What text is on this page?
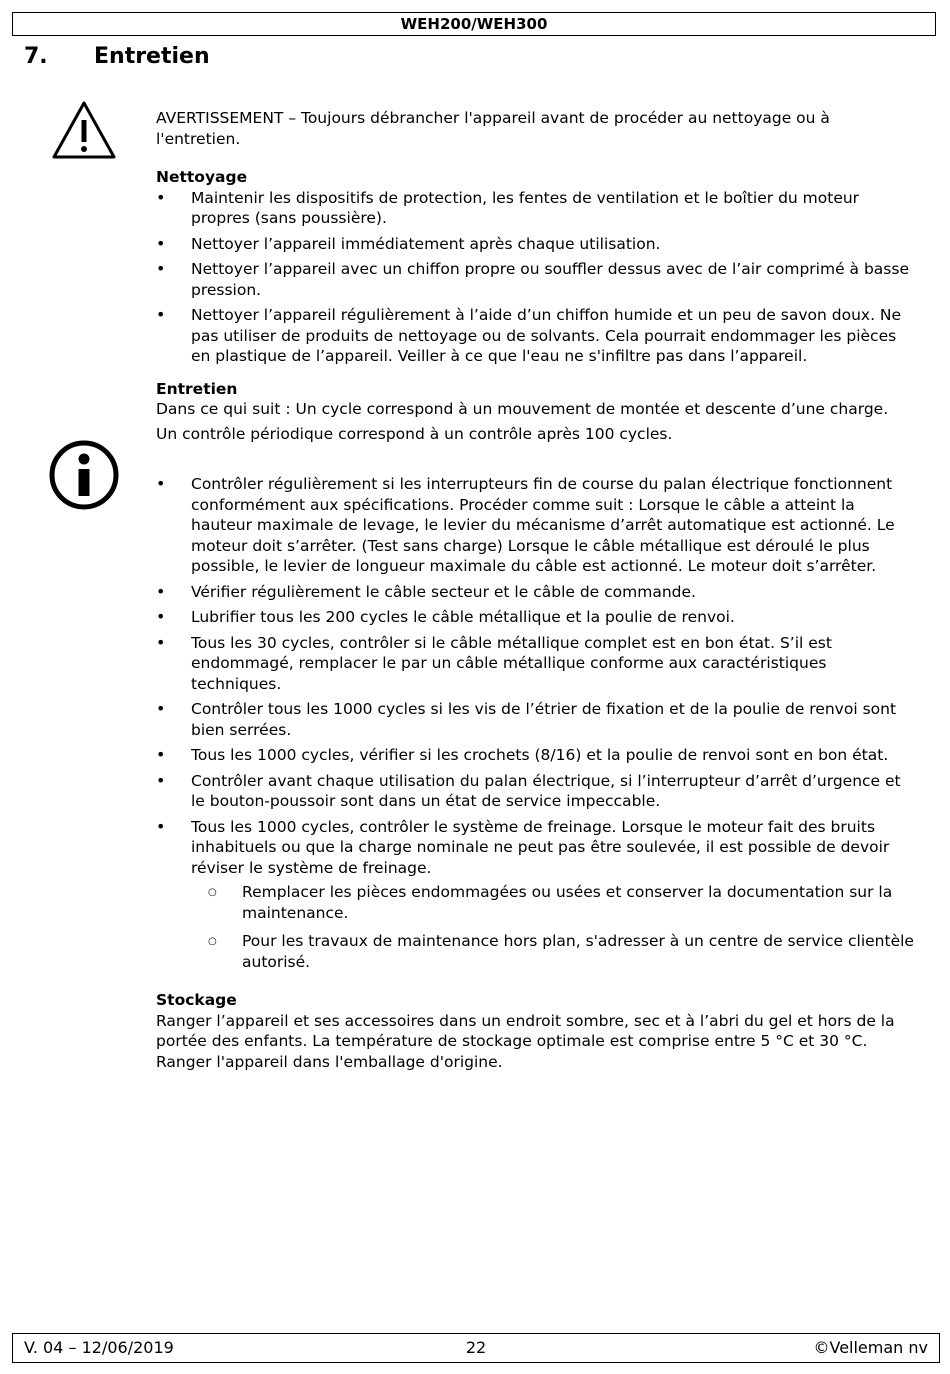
WEH200/WEH300
7. Entretien

AVERTISSEMENT – Toujours débrancher l'appareil avant de procéder au nettoyage ou à l'entretien.

Nettoyage

• Maintenir les dispositifs de protection, les fentes de ventilation et le boîtier du moteur propres (sans poussière).
• Nettoyer l’appareil immédiatement après chaque utilisation.
• Nettoyer l’appareil avec un chiffon propre ou souffler dessus avec de l’air comprimé à basse pression.
• Nettoyer l’appareil régulièrement à l’aide d’un chiffon humide et un peu de savon doux. Ne pas utiliser de produits de nettoyage ou de solvants. Cela pourrait endommager les pièces en plastique de l’appareil. Veiller à ce que l'eau ne s'infiltre pas dans l’appareil.

Entretien

Dans ce qui suit : Un cycle correspond à un mouvement de montée et descente d’une charge.

Un contrôle périodique correspond à un contrôle après 100 cycles.

• Contrôler régulièrement si les interrupteurs fin de course du palan électrique fonctionnent conformément aux spécifications. Procéder comme suit : Lorsque le câble a atteint la hauteur maximale de levage, le levier du mécanisme d’arrêt automatique est actionné. Le moteur doit s’arrêter. (Test sans charge) Lorsque le câble métallique est déroulé le plus possible, le levier de longueur maximale du câble est actionné. Le moteur doit s’arrêter.
• Vérifier régulièrement le câble secteur et le câble de commande.
• Lubrifier tous les 200 cycles le câble métallique et la poulie de renvoi.
• Tous les 30 cycles, contrôler si le câble métallique complet est en bon état. S’il est endommagé, remplacer le par un câble métallique conforme aux caractéristiques techniques.
• Contrôler tous les 1000 cycles si les vis de l’étrier de fixation et de la poulie de renvoi sont bien serrées.
• Tous les 1000 cycles, vérifier si les crochets (8/16) et la poulie de renvoi sont en bon état.
• Contrôler avant chaque utilisation du palan électrique, si l’interrupteur d’arrêt d’urgence et le bouton-poussoir sont dans un état de service impeccable.
• Tous les 1000 cycles, contrôler le système de freinage. Lorsque le moteur fait des bruits inhabituels ou que la charge nominale ne peut pas être soulevée, il est possible de devoir réviser le système de freinage.
○ Remplacer les pièces endommagées ou usées et conserver la documentation sur la maintenance.
○ Pour les travaux de maintenance hors plan, s'adresser à un centre de service clientèle autorisé.

Stockage

Ranger l’appareil et ses accessoires dans un endroit sombre, sec et à l’abri du gel et hors de la portée des enfants. La température de stockage optimale est comprise entre 5 °C et 30 °C. Ranger l'appareil dans l'emballage d'origine.

22
V. 04 – 12/06/2019	©Velleman nv
